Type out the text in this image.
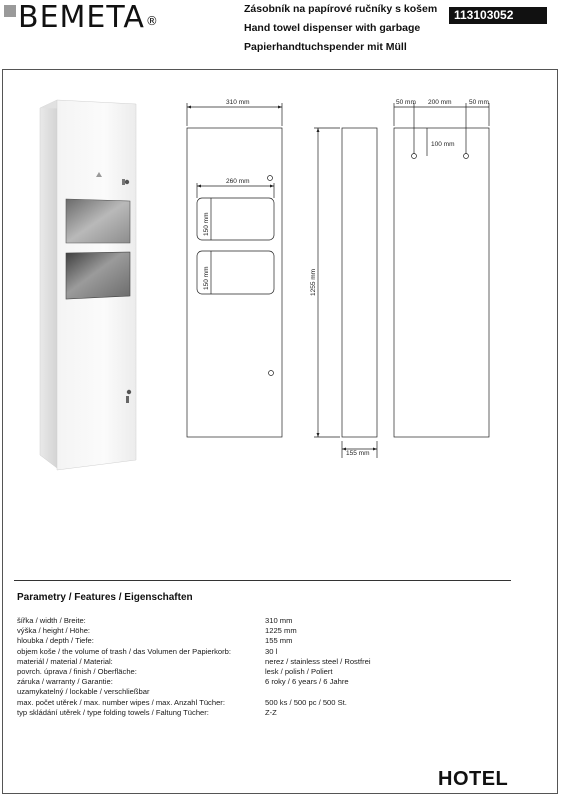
BEMETA®
Zásobník na papírové ručníky s košem
Hand towel dispenser with garbage
Papierhandtuchspender mit Müll
113103052
310 mm
260 mm
150 mm
150 mm	1255 mm
155 mm
50 mm 200 mm	50 mm
100 mm
Parametry / Features / Eigenschaften
šířka / width / Breite:	310 mm
výška / height / Höhe:	1225 mm
hloubka / depth / Tiefe:	155 mm
objem koše / the volume of trash / das Volumen der Papierkorb:	30 l
materiál / material / Material:	nerez / stainless steel / Rostfrei
povrch. úprava / finish / Oberfläche:	lesk / polish / Poliert
záruka / warranty / Garantie:	6 roky / 6 years / 6 Jahre
uzamykatelný / lockable / verschließbar
max. počet utěrek / max. number wipes / max. Anzahl Tücher:	500 ks / 500 pc / 500 St.
typ skládání utěrek / type folding towels / Faltung Tücher:	Z-Z
HOTEL
